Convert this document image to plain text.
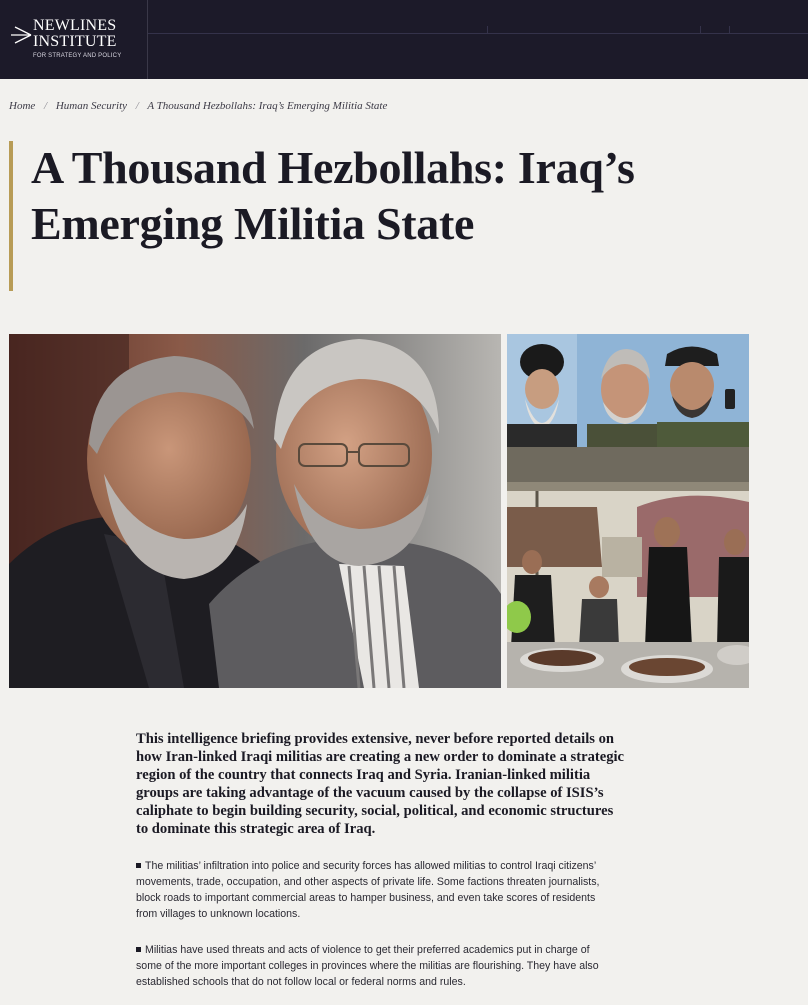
NEWLINES
INSTITUTE
FOR STRATEGY AND POLICY
Home / Human Security / A Thousand Hezbollahs: Iraq’s Emerging Militia State
A Thousand Hezbollahs: Iraq’s Emerging Militia State

This intelligence briefing provides extensive, never before reported details on how Iran-linked Iraqi militias are creating a new order to dominate a strategic region of the country that connects Iraq and Syria. Iranian-linked militia groups are taking advantage of the vacuum caused by the collapse of ISIS’s caliphate to begin building security, social, political, and economic structures to dominate this strategic area of Iraq.

The militias’ infiltration into police and security forces has allowed militias to control Iraqi citizens’ movements, trade, occupation, and other aspects of private life. Some factions threaten journalists, block roads to important commercial areas to hamper business, and even take scores of residents from villages to unknown locations.

Militias have used threats and acts of violence to get their preferred academics put in charge of some of the more important colleges in provinces where the militias are flourishing. They have also established schools that do not follow local or federal norms and rules.
